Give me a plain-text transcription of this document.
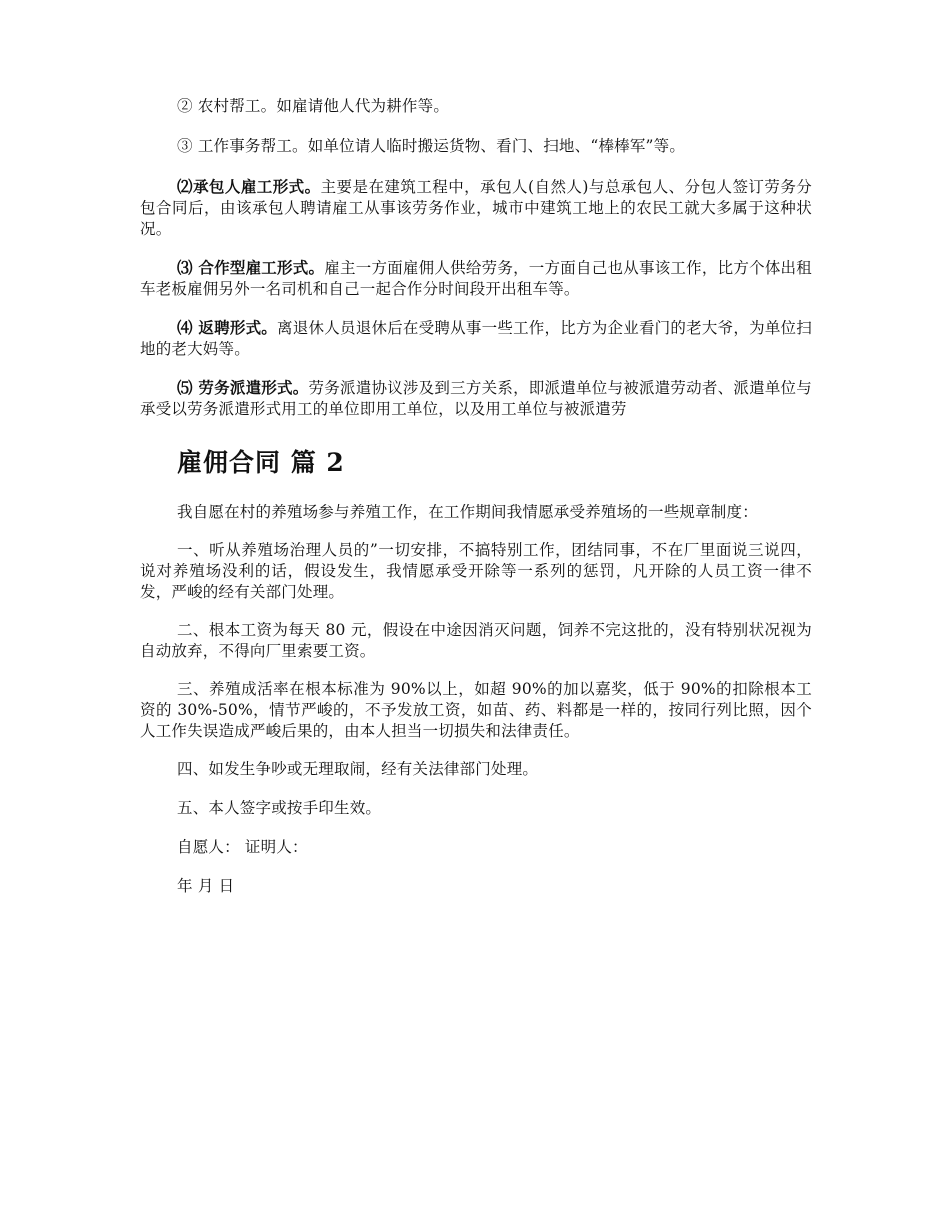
② 农村帮工。如雇请他人代为耕作等。

③ 工作事务帮工。如单位请人临时搬运货物、看门、扫地、“棒棒军”等。

⑵承包人雇工形式。主要是在建筑工程中，承包人(自然人)与总承包人、分包人签订劳务分包合同后，由该承包人聘请雇工从事该劳务作业，城市中建筑工地上的农民工就大多属于这种状况。

⑶ 合作型雇工形式。雇主一方面雇佣人供给劳务，一方面自己也从事该工作，比方个体出租车老板雇佣另外一名司机和自己一起合作分时间段开出租车等。

⑷ 返聘形式。离退休人员退休后在受聘从事一些工作，比方为企业看门的老大爷，为单位扫地的老大妈等。

⑸ 劳务派遣形式。劳务派遣协议涉及到三方关系，即派遣单位与被派遣劳动者、派遣单位与承受以劳务派遣形式用工的单位即用工单位，以及用工单位与被派遣劳

雇佣合同 篇 2

我自愿在村的养殖场参与养殖工作，在工作期间我情愿承受养殖场的一些规章制度：

一、听从养殖场治理人员的”一切安排，不搞特别工作，团结同事，不在厂里面说三说四，说对养殖场没利的话，假设发生，我情愿承受开除等一系列的惩罚，凡开除的人员工资一律不发，严峻的经有关部门处理。

二、根本工资为每天 80 元，假设在中途因消灭问题，饲养不完这批的，没有特别状况视为自动放弃，不得向厂里索要工资。

三、养殖成活率在根本标准为 90%以上，如超 90%的加以嘉奖，低于 90%的扣除根本工资的 30%-50%，情节严峻的，不予发放工资，如苗、药、料都是一样的，按同行列比照，因个人工作失误造成严峻后果的，由本人担当一切损失和法律责任。

四、如发生争吵或无理取闹，经有关法律部门处理。

五、本人签字或按手印生效。

自愿人： 证明人：

年 月 日
